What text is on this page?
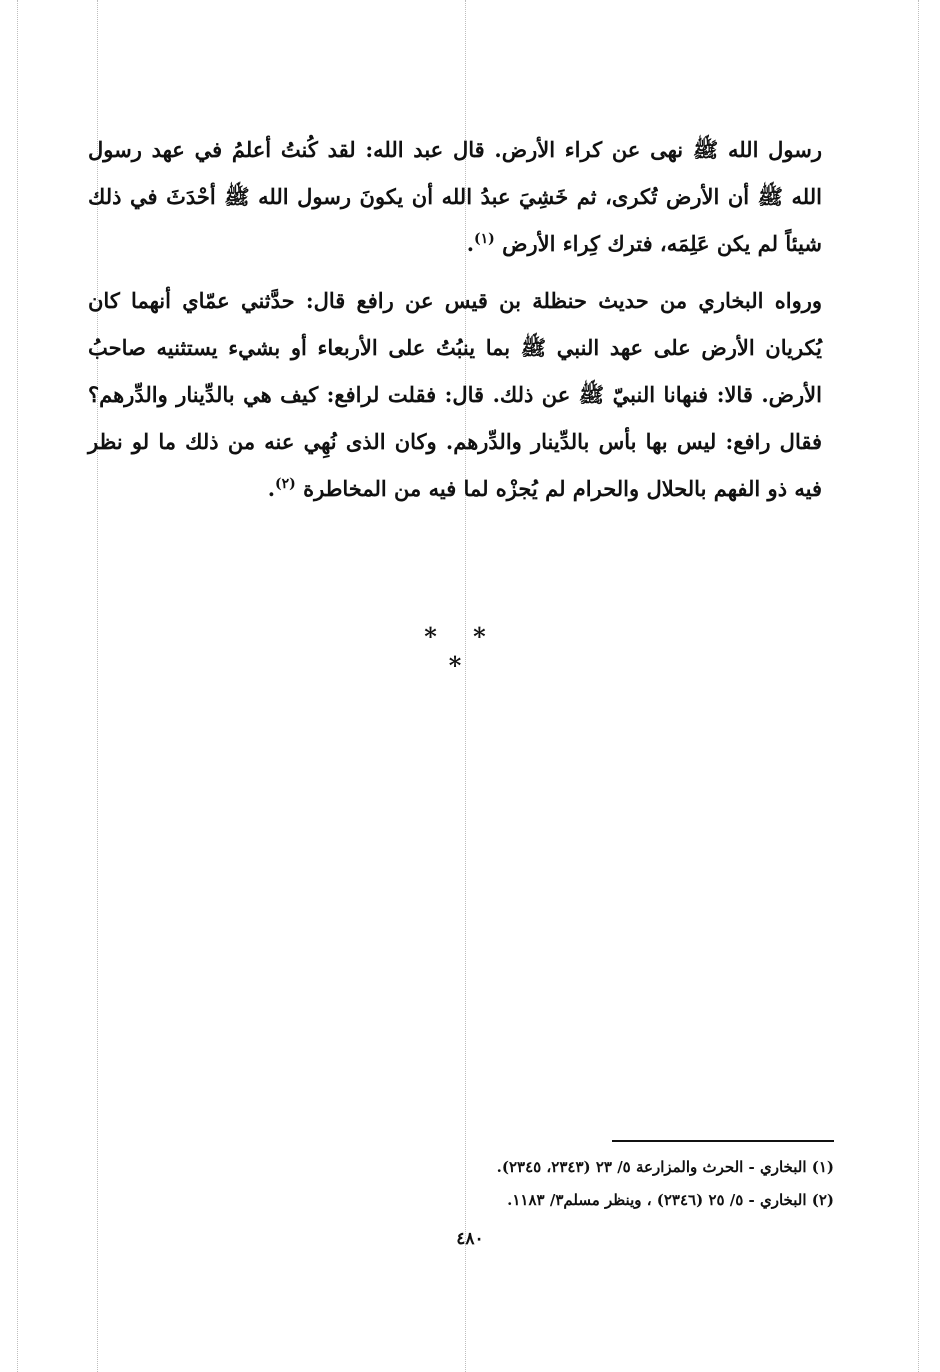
رسول الله ﷺ نهى عن كراء الأرض. قال عبد الله: لقد كُنتُ أعلمُ في عهد رسول الله ﷺ أن الأرض تُكرى، ثم خَشِيَ عبدُ الله أن يكونَ رسول الله ﷺ أحْدَثَ في ذلك شيئاً لم يكن عَلِمَه، فترك كِراء الأرض $^{(١)}$.

ورواه البخاري من حديث حنظلة بن قيس عن رافع قال: حدَّثني عمّاي أنهما كان يُكريان الأرض على عهد النبي ﷺ بما ينبُتُ على الأربعاء أو بشيء يستثنيه صاحبُ الأرض. قالا: فنهانا النبيّ ﷺ عن ذلك. قال: فقلت لرافع: كيف هي بالدِّينار والدِّرهم؟ فقال رافع: ليس بها بأس بالدِّينار والدِّرهم. وكان الذى نُهِي عنه من ذلك ما لو نظر فيه ذو الفهم بالحلال والحرام لم يُجزْه لما فيه من المخاطرة $^{(٢)}$.

* * *

(١) البخاري - الحرث والمزارعة ٥/ ٢٣ (٢٣٤٣، ٢٣٤٥).

(٢) البخاري - ٥/ ٢٥ (٢٣٤٦) ، وينظر مسلم٣/ ١١٨٣.

٤٨٠
